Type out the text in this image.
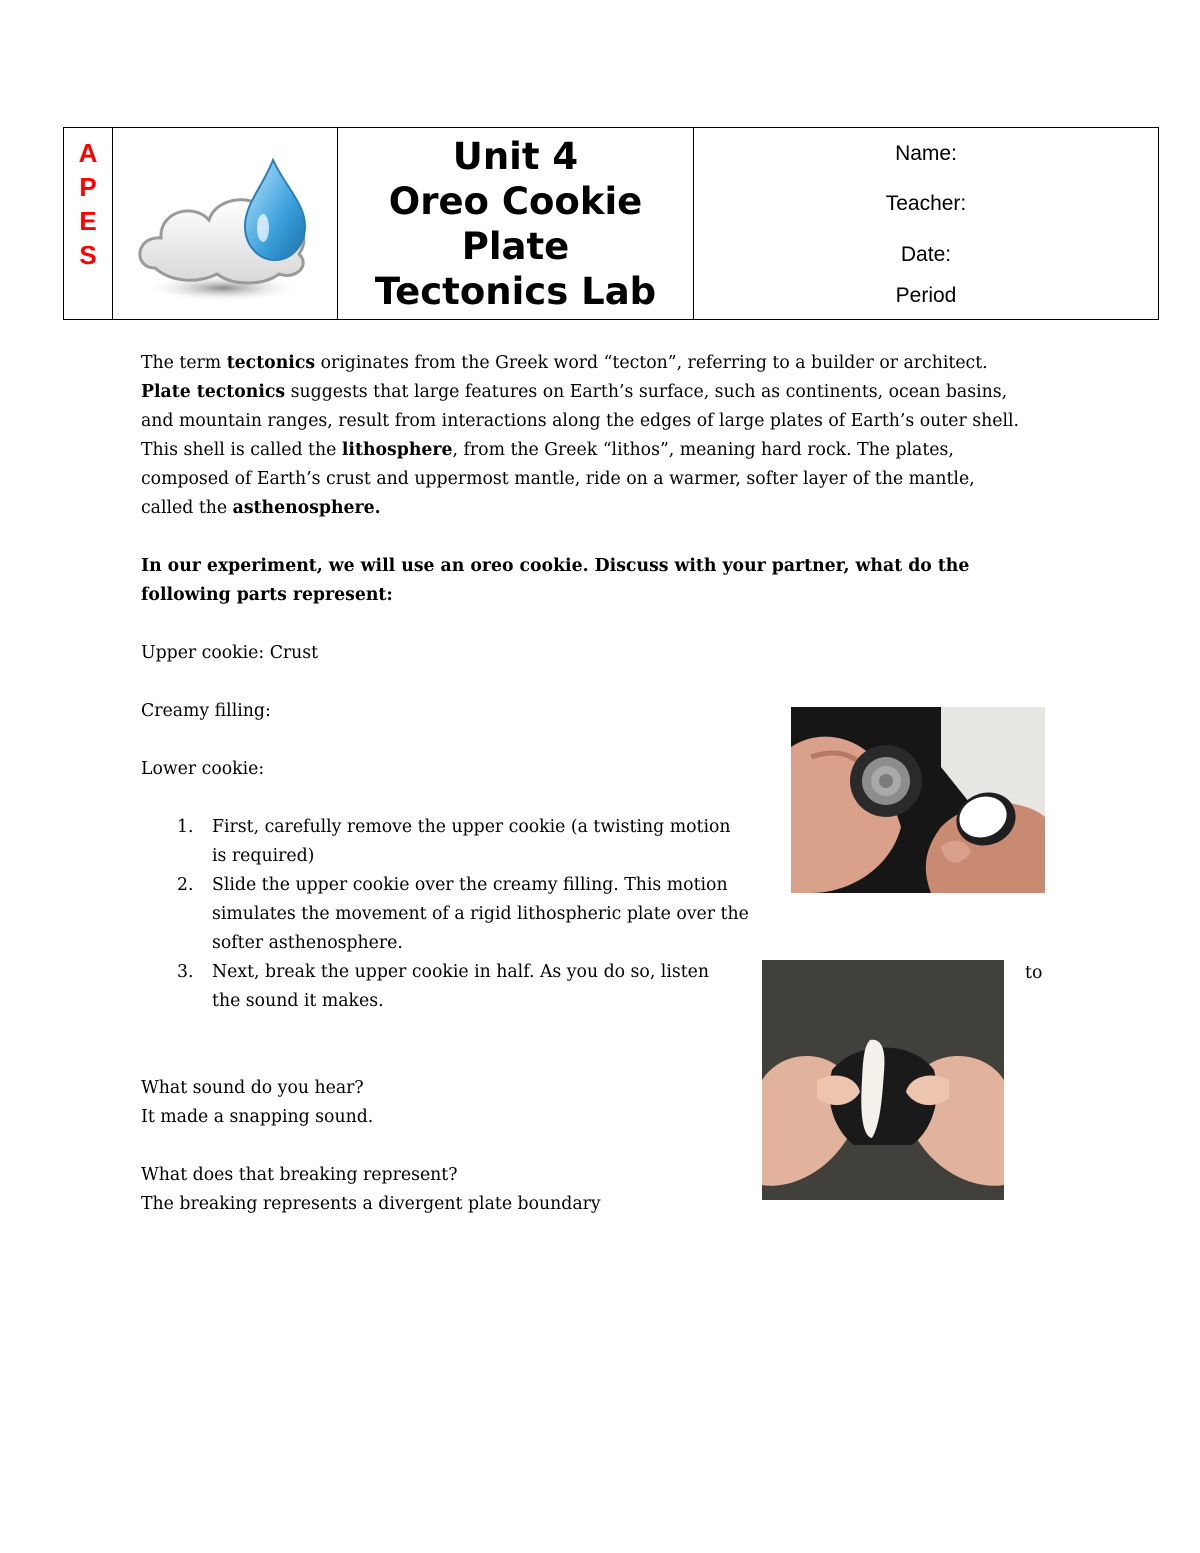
A
P
E
S
Unit 4
Oreo Cookie
Plate
Tectonics Lab
Name:
Teacher:
Date:
Period

The term tectonics originates from the Greek word “tecton”, referring to a builder or architect.

Plate tectonics suggests that large features on Earth’s surface, such as continents, ocean basins,

and mountain ranges, result from interactions along the edges of large plates of Earth’s outer shell.

This shell is called the lithosphere, from the Greek “lithos”, meaning hard rock. The plates,

composed of Earth’s crust and uppermost mantle, ride on a warmer, softer layer of the mantle,

called the asthenosphere.

In our experiment, we will use an oreo cookie. Discuss with your partner, what do the

following parts represent:

Upper cookie: Crust

Creamy filling:

Lower cookie:

1. First, carefully remove the upper cookie (a twisting motion
is required)
2. Slide the upper cookie over the creamy filling. This motion
simulates the movement of a rigid lithospheric plate over the
softer asthenosphere.
3. Next, break the upper cookie in half. As you do so, listen
the sound it makes.

What sound do you hear?

It made a snapping sound.

What does that breaking represent?

The breaking represents a divergent plate boundary

to
